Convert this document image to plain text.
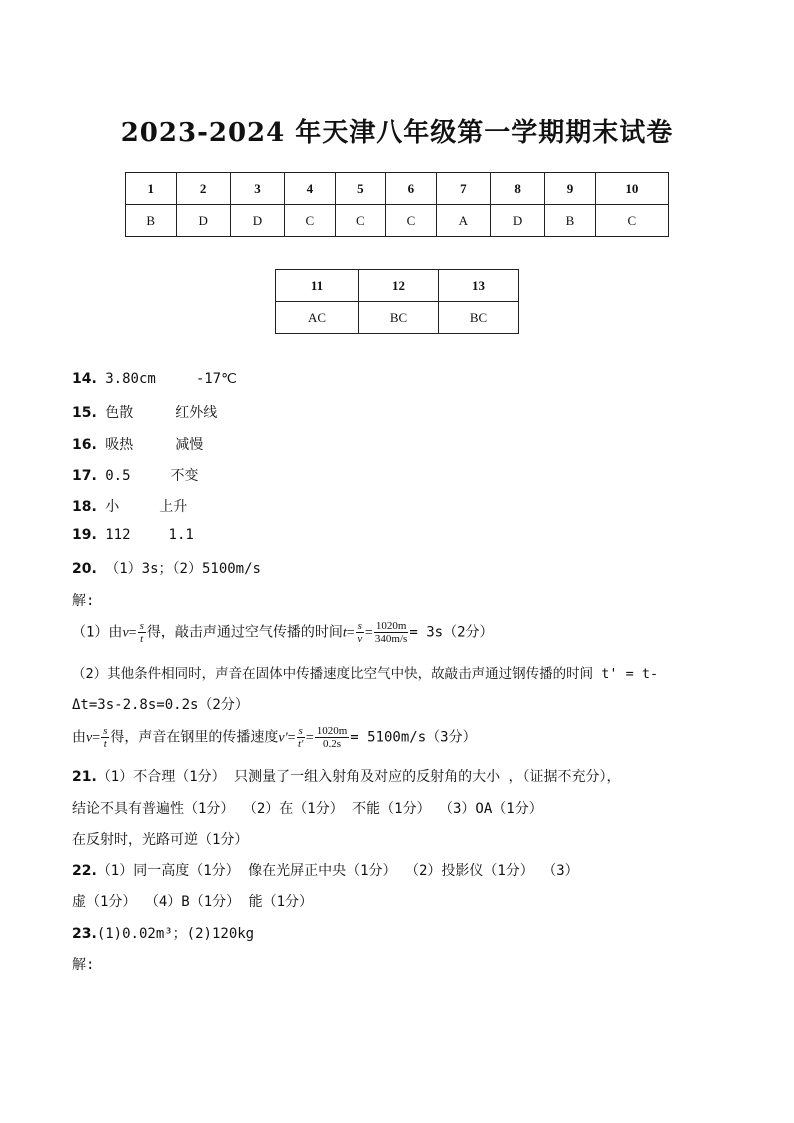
2023-2024 年天津八年级第一学期期末试卷
1	2	3	4	5	6	7	8	9	10
B	D	D	C	C	C	A	D	B	C
11	12	13
AC	BC	BC
14. 3.80cm	-17℃
15. 色散	红外线
16. 吸热	减慢
17. 0.5	不变
18. 小	上升
19. 112	1.1
20. （1）3s；（2）5100m/s
解:
（1）由$v= \frac{s}{t}$ 得，敲击声通过空气传播的时间$t= \frac{s}{v} = \frac{1020m}{340m/s} = 3s(2$分）
（2）其他条件相同时，声音在固体中传播速度比空气中快，故敲击声通过钢传播的时间 t' = t-
Δt=3s-2.8s=0.2s（2分）
由$v= \frac{s}{t}$ 得，声音在钢里的传播速度$v'= \frac{s}{t'} = \frac{1020m}{0.2s} = 5100m/s(3$分）
21.（1）不合理（1分） 只测量了一组入射角及对应的反射角的大小 ，（证据不充分），
结论不具有普遍性（1分） （2）在（1分） 不能（1分） （3）OA（1分）
在反射时，光路可逆（1分）
22.（1）同一高度（1分） 像在光屏正中央（1分） （2）投影仪（1分） （3）
虚（1分） （4）B（1分） 能（1分）
23.(1)0.02m³；(2)120kg
解:
